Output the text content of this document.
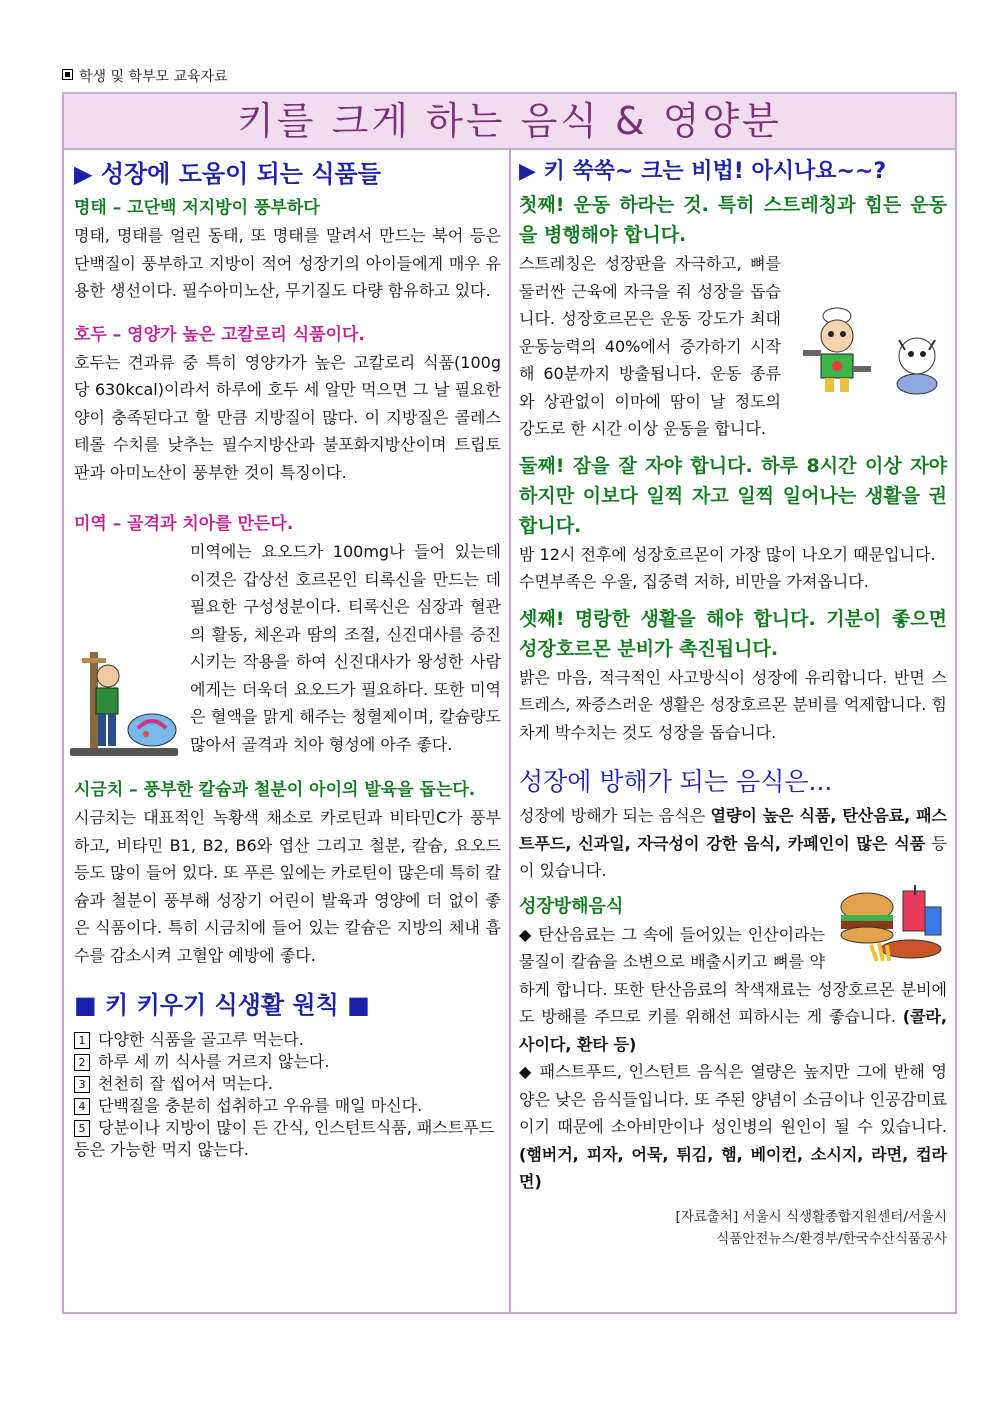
학생 및 학부모 교육자료
키를 크게 하는 음식 & 영양분
▶ 성장에 도움이 되는 식품들
명태 – 고단백 저지방이 풍부하다

명태, 명태를 얼린 동태, 또 명태를 말려서 만드는 북어 등은 단백질이 풍부하고 지방이 적어 성장기의 아이들에게 매우 유용한 생선이다. 필수아미노산, 무기질도 다량 함유하고 있다.

호두 – 영양가 높은 고칼로리 식품이다.

호두는 견과류 중 특히 영양가가 높은 고칼로리 식품(100g 당 630kcal)이라서 하루에 호두 세 알만 먹으면 그 날 필요한 양이 충족된다고 할 만큼 지방질이 많다. 이 지방질은 콜레스테롤 수치를 낮추는 필수지방산과 불포화지방산이며 트립토판과 아미노산이 풍부한 것이 특징이다.

미역 – 골격과 치아를 만든다.

미역에는 요오드가 100mg나 들어 있는데 이것은 갑상선 호르몬인 티록신을 만드는 데 필요한 구성성분이다. 티록신은 심장과 혈관의 활동, 체온과 땀의 조절, 신진대사를 증진시키는 작용을 하여 신진대사가 왕성한 사람에게는 더욱더 요오드가 필요하다. 또한 미역은 혈액을 맑게 해주는 청혈제이며, 칼슘량도 많아서 골격과 치아 형성에 아주 좋다.

시금치 – 풍부한 칼슘과 철분이 아이의 발육을 돕는다.

시금치는 대표적인 녹황색 채소로 카로틴과 비타민C가 풍부하고, 비타민 B1, B2, B6와 엽산 그리고 철분, 칼슘, 요오드 등도 많이 들어 있다. 또 푸른 잎에는 카로틴이 많은데 특히 칼슘과 철분이 풍부해 성장기 어린이 발육과 영양에 더 없이 좋은 식품이다. 특히 시금치에 들어 있는 칼슘은 지방의 체내 흡수를 감소시켜 고혈압 예방에 좋다.

■ 키 키우기 식생활 원칙 ■
1 다양한 식품을 골고루 먹는다.
2 하루 세 끼 식사를 거르지 않는다.
3 천천히 잘 씹어서 먹는다.
4 단백질을 충분히 섭취하고 우유를 매일 마신다.
5 당분이나 지방이 많이 든 간식, 인스턴트식품, 패스트푸드 등은 가능한 먹지 않는다.
▶ 키 쑥쑥~ 크는 비법! 아시나요~~?
첫째! 운동 하라는 것. 특히 스트레칭과 힘든 운동을 병행해야 합니다.

스트레칭은 성장판을 자극하고, 뼈를 둘러싼 근육에 자극을 줘 성장을 돕습니다. 성장호르몬은 운동 강도가 최대 운동능력의 40%에서 증가하기 시작해 60분까지 방출됩니다. 운동 종류와 상관없이 이마에 땀이 날 정도의 강도로 한 시간 이상 운동을 합니다.

둘째! 잠을 잘 자야 합니다. 하루 8시간 이상 자야 하지만 이보다 일찍 자고 일찍 일어나는 생활을 권합니다.

밤 12시 전후에 성장호르몬이 가장 많이 나오기 때문입니다.

수면부족은 우울, 집중력 저하, 비만을 가져옵니다.

셋째! 명랑한 생활을 해야 합니다. 기분이 좋으면 성장호르몬 분비가 촉진됩니다.

밝은 마음, 적극적인 사고방식이 성장에 유리합니다. 반면 스트레스, 짜증스러운 생활은 성장호르몬 분비를 억제합니다. 힘차게 박수치는 것도 성장을 돕습니다.

성장에 방해가 되는 음식은...

성장에 방해가 되는 음식은 열량이 높은 식품, 탄산음료, 패스트푸드, 신과일, 자극성이 강한 음식, 카페인이 많은 식품 등이 있습니다.

성장방해음식

◆ 탄산음료는 그 속에 들어있는 인산이라는 물질이 칼슘을 소변으로 배출시키고 뼈를 약하게 합니다. 또한 탄산음료의 착색재료는 성장호르몬 분비에도 방해를 주므로 키를 위해선 피하시는 게 좋습니다. (콜라, 사이다, 환타 등)

◆ 패스트푸드, 인스턴트 음식은 열량은 높지만 그에 반해 영양은 낮은 음식들입니다. 또 주된 양념이 소금이나 인공감미료이기 때문에 소아비만이나 성인병의 원인이 될 수 있습니다. (햄버거, 피자, 어묵, 튀김, 햄, 베이컨, 소시지, 라면, 컵라면)

[자료출처] 서울시 식생활종합지원센터/서울시
식품안전뉴스/환경부/한국수산식품공사
